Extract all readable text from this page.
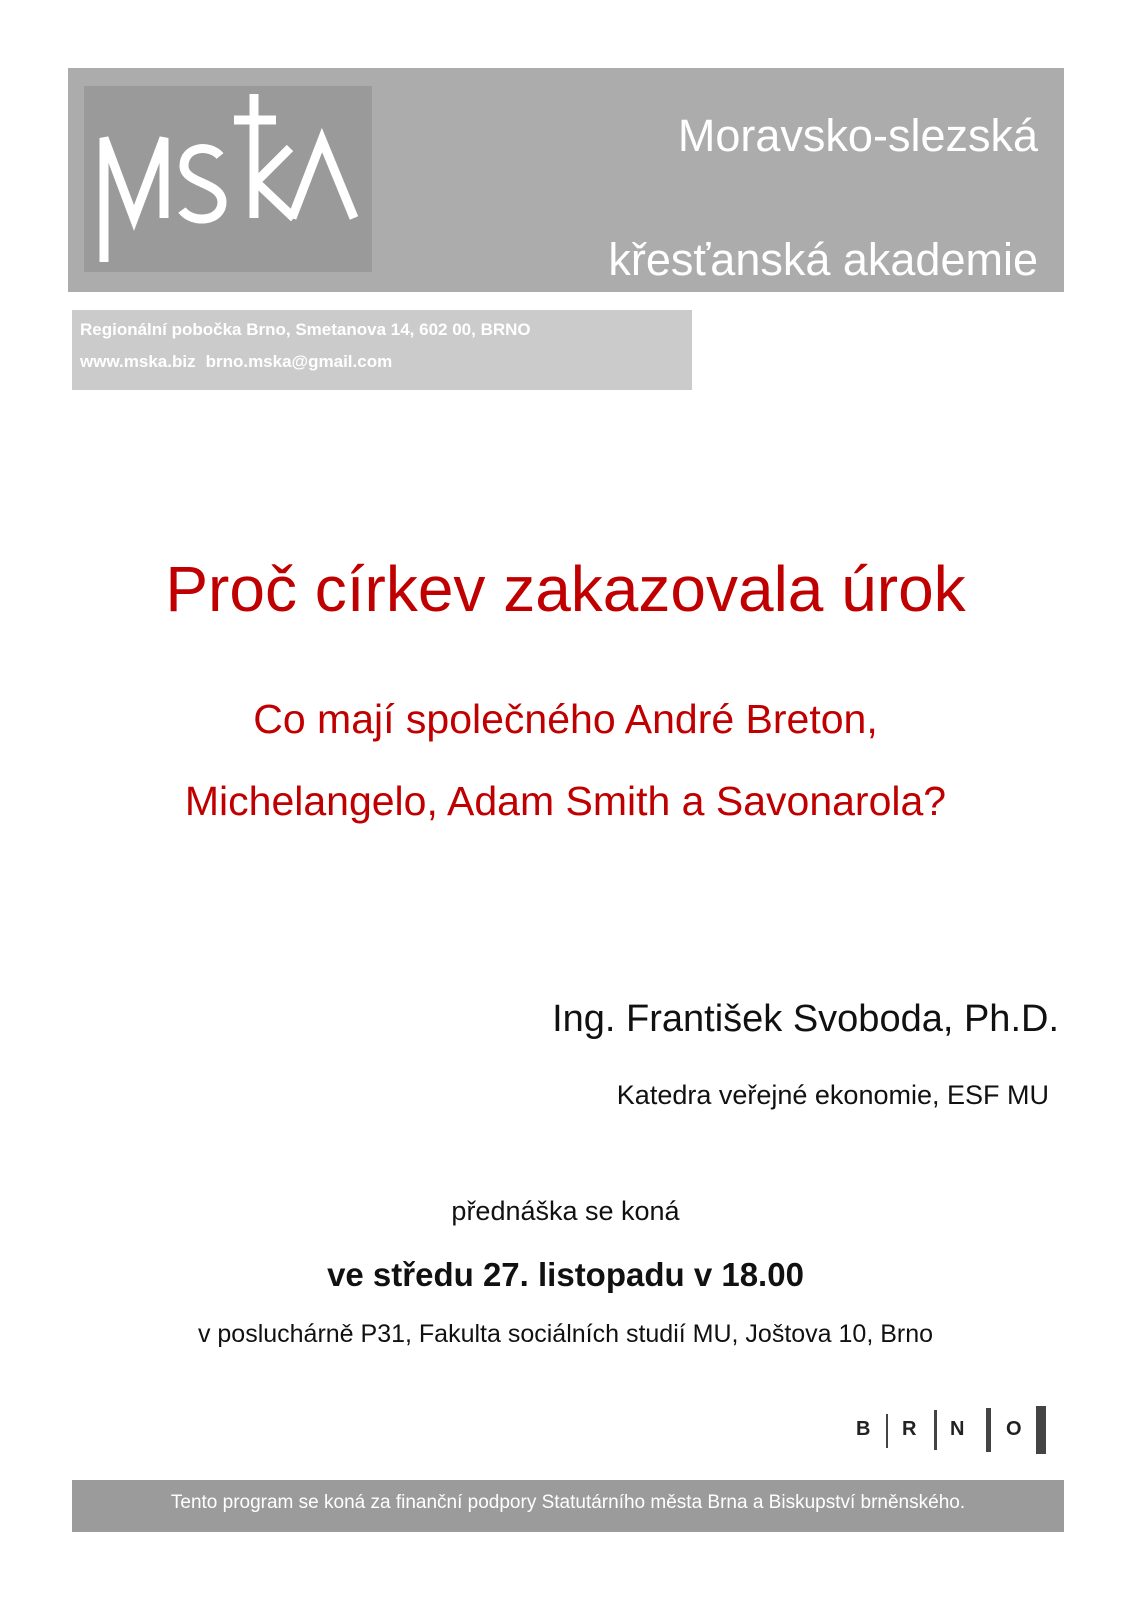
Moravsko-slezská
křesťanská akademie
Regionální pobočka Brno, Smetanova 14, 602 00, BRNO
www.mska.biz brno.mska@gmail.com
Proč církev zakazovala úrok
Co mají společného André Breton,
Michelangelo, Adam Smith a Savonarola?
Ing. František Svoboda, Ph.D.
Katedra veřejné ekonomie, ESF MU
přednáška se koná
ve středu 27. listopadu v 18.00
v posluchárně P31, Fakulta sociálních studií MU, Joštova 10, Brno
B R N O
Tento program se koná za finanční podpory Statutárního města Brna a Biskupství brněnského.
